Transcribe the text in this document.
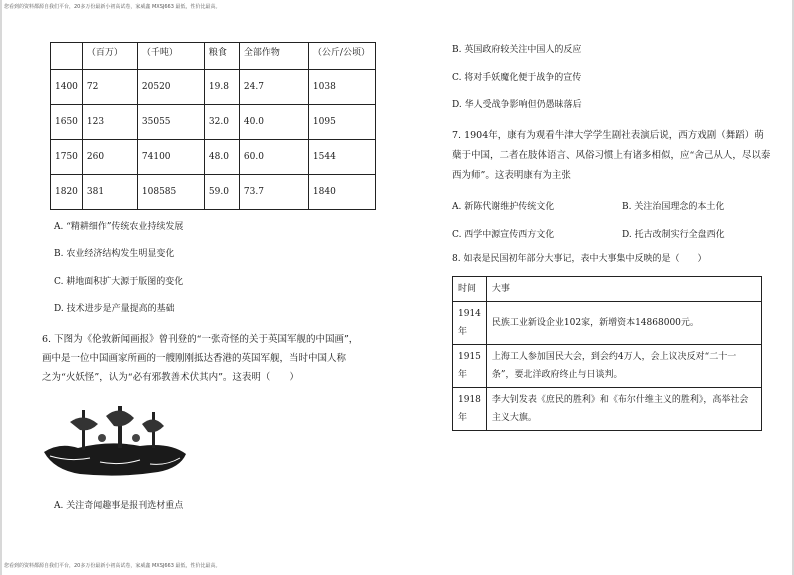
您看到的资料都源自我们平台，20多万份最新小初高试卷，家威鑫 MXSJ663 最低，性价比最高。
您看到的资料都源自我们平台，20多万份最新小初高试卷，家威鑫 MXSJ663 最低，性价比最高。
	（百万）	（千吨）	粮食	全部作物	（公斤/公顷）
1400	72	20520	19.8	24.7	1038
1650	123	35055	32.0	40.0	1095
1750	260	74100	48.0	60.0	1544
1820	381	108585	59.0	73.7	1840
A. “精耕细作”传统农业持续发展
B. 农业经济结构发生明显变化
C. 耕地面积扩大源于版图的变化
D. 技术进步是产量提高的基础
6. 下图为《伦敦新闻画报》曾刊登的“一张奇怪的关于英国军舰的中国画”，
画中是一位中国画家所画的一艘刚刚抵达香港的英国军舰，当时中国人称
之为“火妖怪”，认为“必有邪教善术伏其内”。这表明（　　）
A. 关注奇闻趣事是报刊选材重点
B. 英国政府较关注中国人的反应
C. 将对手妖魔化便于战争的宣传
D. 华人受战争影响但仍愚昧落后
7. 1904年，康有为观看牛津大学学生剧社表演后说，西方戏剧（舞蹈）萌蘖于中国，二者在肢体语言、风俗习惯上有诸多相似，应“舍己从人，尽以泰西为师”。这表明康有为主张
A. 新陈代谢维护传统文化	B. 关注治国理念的本土化
C. 西学中源宣传西方文化	D. 托古改制实行全盘西化
8. 如表是民国初年部分大事记，表中大事集中反映的是（　　）
时间	大事
1914年	民族工业新设企业102家，新增资本14868000元。
1915年	上海工人参加国民大会，到会约4万人，会上议决反对“二十一条”，要北洋政府终止与日谈判。
1918年	李大钊发表《庶民的胜利》和《布尔什维主义的胜利》，高举社会主义大旗。
